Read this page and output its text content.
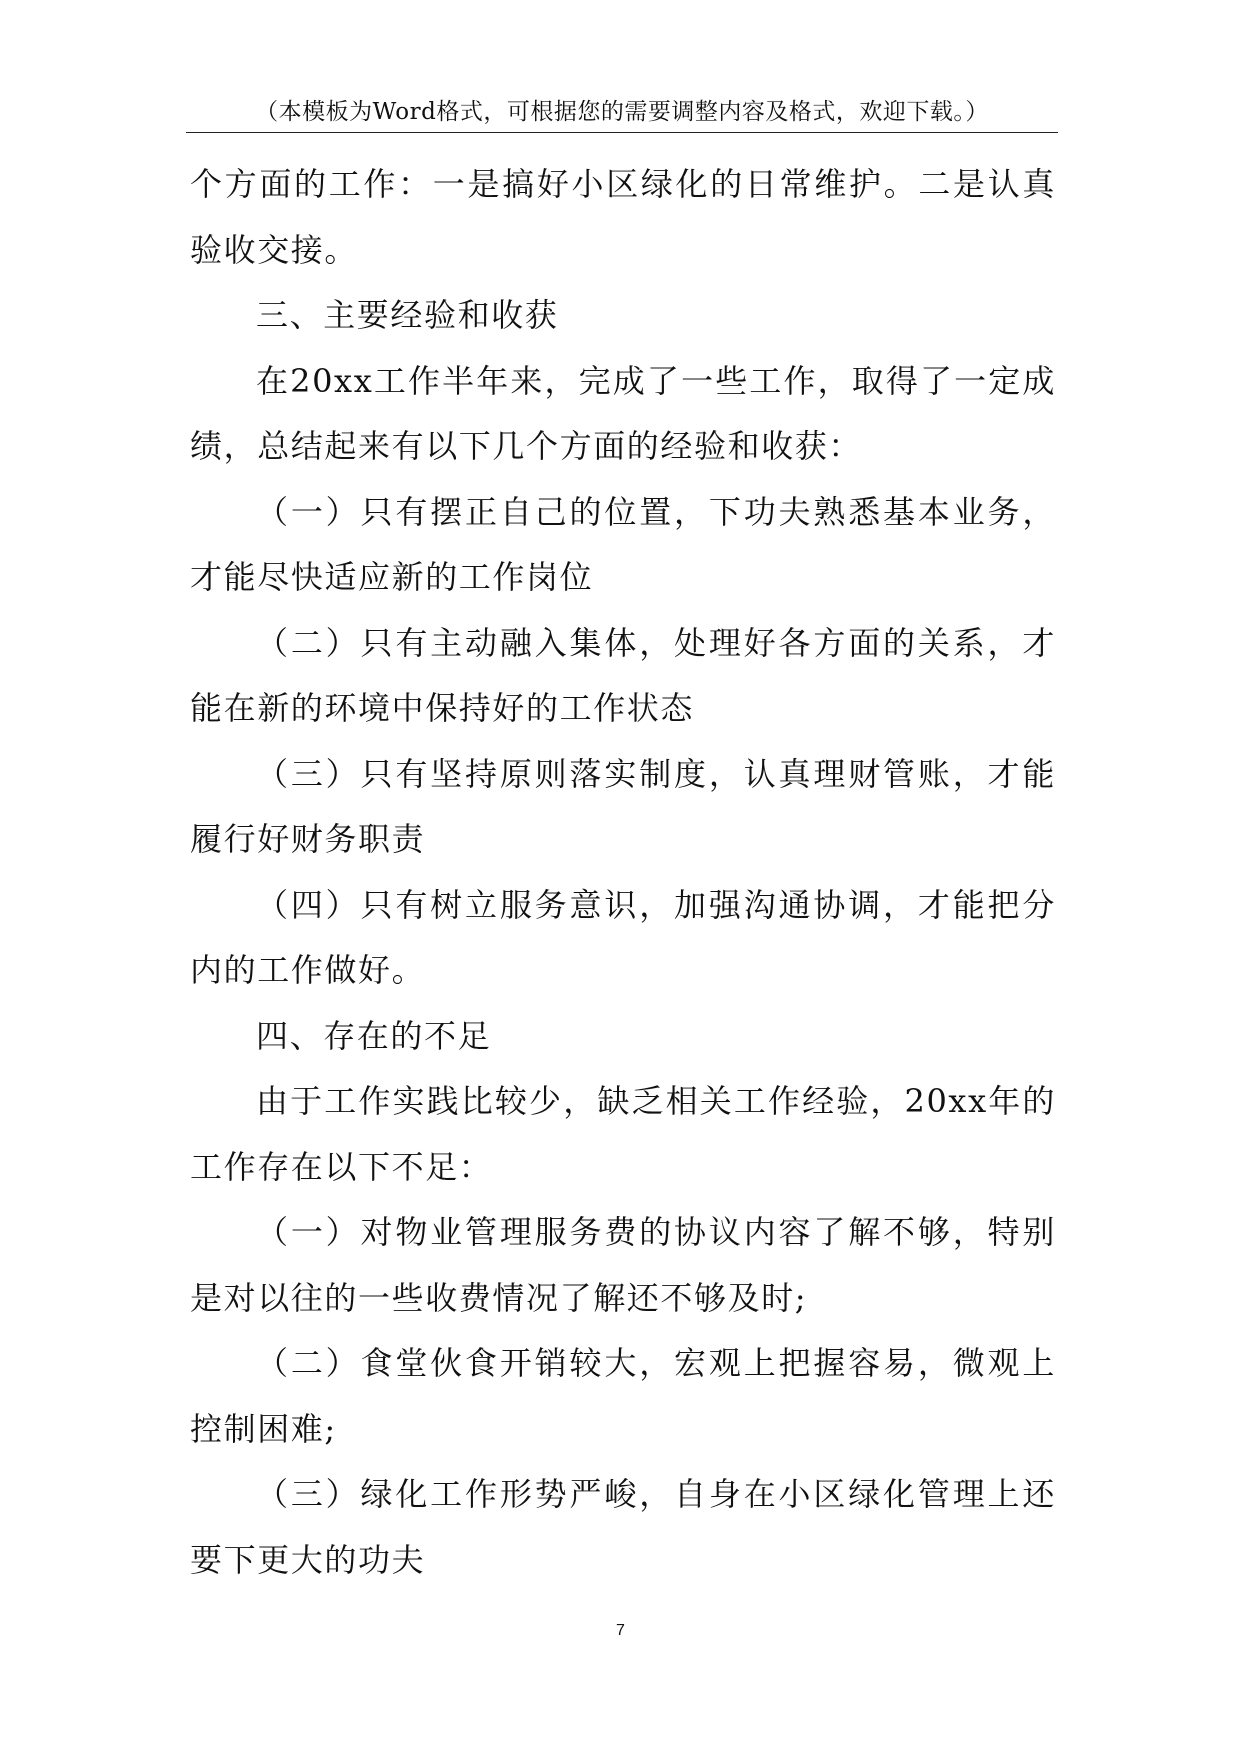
（本模板为Word格式，可根据您的需要调整内容及格式，欢迎下载。）

个方面的工作：一是搞好小区绿化的日常维护。二是认真验收交接。

三、主要经验和收获

在20xx工作半年来，完成了一些工作，取得了一定成绩，总结起来有以下几个方面的经验和收获：

（一）只有摆正自己的位置，下功夫熟悉基本业务，才能尽快适应新的工作岗位

（二）只有主动融入集体，处理好各方面的关系，才能在新的环境中保持好的工作状态

（三）只有坚持原则落实制度，认真理财管账，才能履行好财务职责

（四）只有树立服务意识，加强沟通协调，才能把分内的工作做好。

四、存在的不足

由于工作实践比较少，缺乏相关工作经验，20xx年的工作存在以下不足：

（一）对物业管理服务费的协议内容了解不够，特别是对以往的一些收费情况了解还不够及时;

（二）食堂伙食开销较大，宏观上把握容易，微观上控制困难;

（三）绿化工作形势严峻，自身在小区绿化管理上还要下更大的功夫

7
